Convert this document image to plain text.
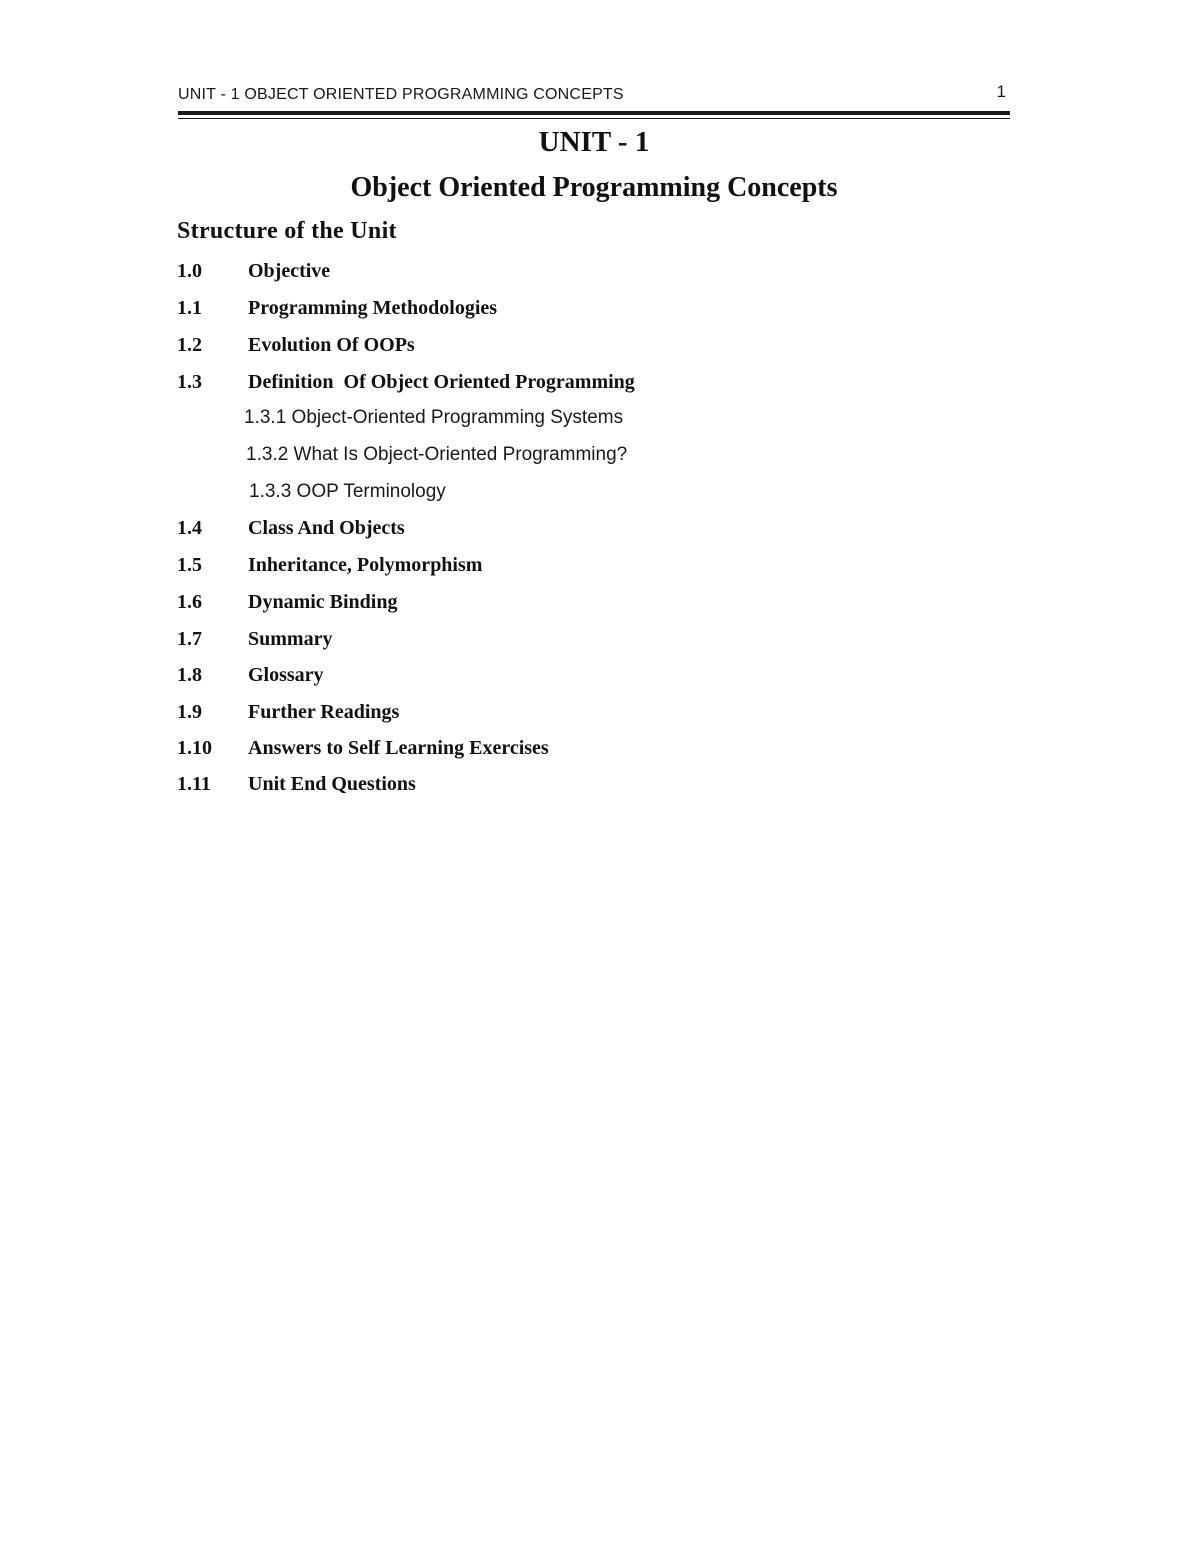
UNIT - 1 OBJECT ORIENTED PROGRAMMING CONCEPTS	1
UNIT - 1
Object Oriented Programming Concepts
Structure of the Unit
1.0 Objective
1.1 Programming Methodologies
1.2 Evolution Of OOPs
1.3 Definition  Of Object Oriented Programming
1.3.1 Object-Oriented Programming Systems
1.3.2 What Is Object-Oriented Programming?
1.3.3 OOP Terminology
1.4 Class And Objects
1.5 Inheritance, Polymorphism
1.6 Dynamic Binding
1.7 Summary
1.8 Glossary
1.9 Further Readings
1.10 Answers to Self Learning Exercises
1.11 Unit End Questions
